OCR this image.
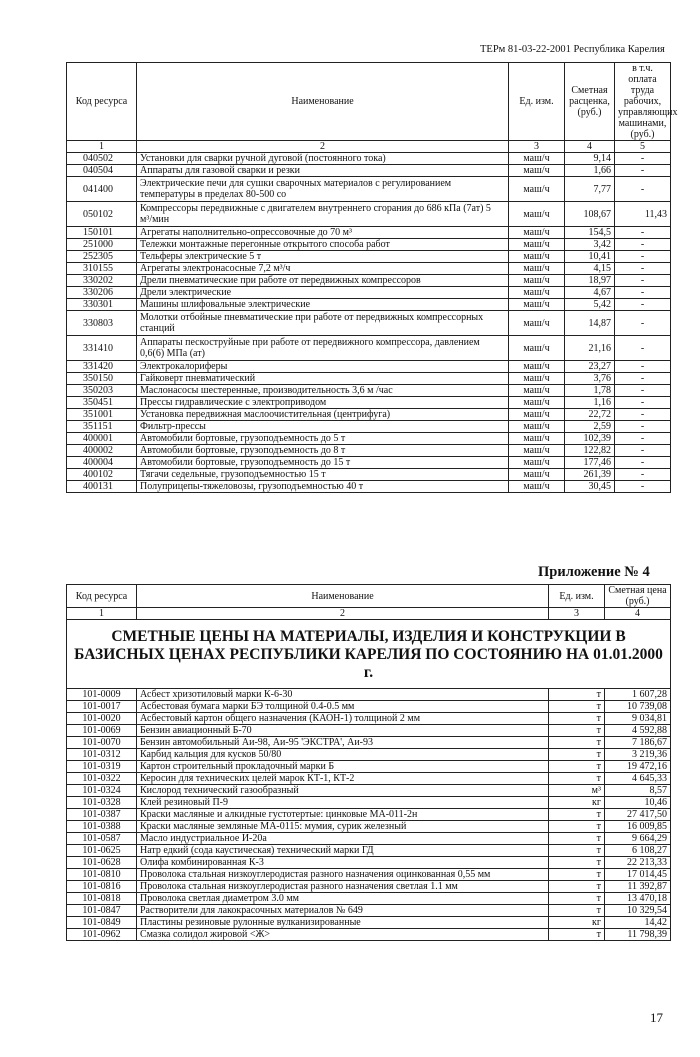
ТЕРм 81-03-22-2001 Республика Карелия
Код ресурса	Наименование	Ед. изм.	Сметная расценка, (руб.)	в т.ч. оплата труда рабочих, управляющих машинами, (руб.)
1	2	3	4	5
040502	Установки для сварки ручной дуговой (постоянного тока)	маш/ч	9,14	-
040504	Аппараты для газовой сварки и резки	маш/ч	1,66	-
041400	Электрические печи для сушки сварочных материалов с регулированием температуры в пределах 80-500 со	маш/ч	7,77	-
050102	Компрессоры передвижные с двигателем внутреннего сгорания до 686 кПа (7ат) 5 м³/мин	маш/ч	108,67	11,43
150101	Агрегаты наполнительно-опрессовочные до 70 м³	маш/ч	154,5	-
251000	Тележки монтажные перегонные открытого способа работ	маш/ч	3,42	-
252305	Тельферы электрические 5 т	маш/ч	10,41	-
310155	Агрегаты электронасосные 7,2 м³/ч	маш/ч	4,15	-
330202	Дрели пневматические при работе от передвижных компрессоров	маш/ч	18,97	-
330206	Дрели электрические	маш/ч	4,67	-
330301	Машины шлифовальные электрические	маш/ч	5,42	-
330803	Молотки отбойные пневматические при работе от передвижных компрессорных станций	маш/ч	14,87	-
331410	Аппараты пескоструйные при работе от передвижного компрессора, давлением 0,6(6) МПа (ат)	маш/ч	21,16	-
331420	Электрокалориферы	маш/ч	23,27	-
350150	Гайковерт пневматический	маш/ч	3,76	-
350203	Маслонасосы шестеренные, производительность 3,6 м /час	маш/ч	1,78	-
350451	Прессы гидравлические с электроприводом	маш/ч	1,16	-
351001	Установка передвижная маслоочистительная (центрифуга)	маш/ч	22,72	-
351151	Фильтр-прессы	маш/ч	2,59	-
400001	Автомобили бортовые, грузоподъемность до 5 т	маш/ч	102,39	-
400002	Автомобили бортовые, грузоподъемность до 8 т	маш/ч	122,82	-
400004	Автомобили бортовые, грузоподъемность до 15 т	маш/ч	177,46	-
400102	Тягачи седельные, грузоподъемностью 15 т	маш/ч	261,39	-
400131	Полуприцепы-тяжеловозы, грузоподъемностью 40 т	маш/ч	30,45	-
Приложение № 4
Код ресурса	Наименование	Ед. изм.	Сметная цена (руб.)
1	2	3	4
СМЕТНЫЕ ЦЕНЫ НА МАТЕРИАЛЫ, ИЗДЕЛИЯ И КОНСТРУКЦИИ В БАЗИСНЫХ ЦЕНАХ РЕСПУБЛИКИ КАРЕЛИЯ ПО СОСТОЯНИЮ НА 01.01.2000 г.			
101-0009	Асбест хризотиловый марки К-6-30	т	1 607,28
101-0017	Асбестовая бумага марки БЭ толщиной 0.4-0.5 мм	т	10 739,08
101-0020	Асбестовый картон общего назначения (КАОН-1) толщиной 2 мм	т	9 034,81
101-0069	Бензин авиационный Б-70	т	4 592,88
101-0070	Бензин автомобильный Аи-98, Аи-95 'ЭКСТРА', Аи-93	т	7 186,67
101-0312	Карбид кальция для кусков 50/80	т	3 219,36
101-0319	Картон строительный прокладочный марки Б	т	19 472,16
101-0322	Керосин для технических целей марок КТ-1, КТ-2	т	4 645,33
101-0324	Кислород технический газообразный	м³	8,57
101-0328	Клей резиновый П-9	кг	10,46
101-0387	Краски масляные и алкидные густотертые: цинковые МА-011-2н	т	27 417,50
101-0388	Краски масляные земляные МА-0115: мумия, сурик железный	т	16 009,85
101-0587	Масло индустриальное И-20а	т	9 664,29
101-0625	Натр едкий (сода каустическая) технический марки ГД	т	6 108,27
101-0628	Олифа комбинированная К-3	т	22 213,33
101-0810	Проволока стальная низкоуглеродистая разного назначения оцинкованная 0,55 мм	т	17 014,45
101-0816	Проволока стальная низкоуглеродистая разного назначения светлая 1.1 мм	т	11 392,87
101-0818	Проволока светлая диаметром 3.0 мм	т	13 470,18
101-0847	Растворители для лакокрасочных материалов № 649	т	10 329,54
101-0849	Пластины резиновые рулонные вулканизированные	кг	14,42
101-0962	Смазка солидол жировой <Ж>	т	11 798,39
17
